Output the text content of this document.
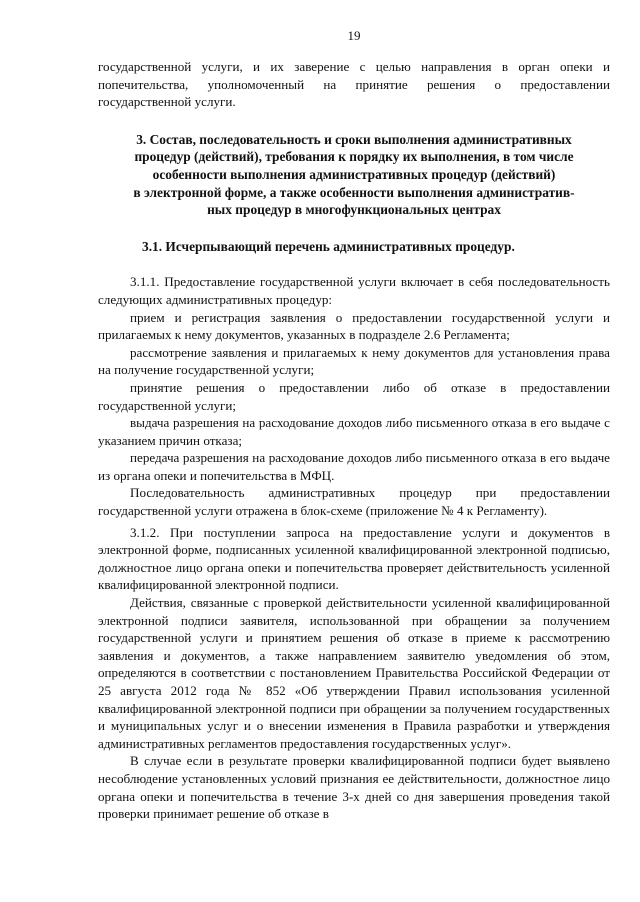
19

государственной услуги, и их заверение с целью направления в орган опеки и попечительства, уполномоченный на принятие решения о предоставлении государственной услуги.

3. Состав, последовательность и сроки выполнения административных
процедур (действий), требования к порядку их выполнения, в том числе
особенности выполнения административных процедур (действий)
в электронной форме, а также особенности выполнения административ-
ных процедур в многофункциональных центрах
3.1. Исчерпывающий перечень административных процедур.

3.1.1. Предоставление государственной услуги включает в себя последовательность следующих административных процедур:

прием и регистрация заявления о предоставлении государственной услуги и прилагаемых к нему документов, указанных в подразделе 2.6 Регламента;

рассмотрение заявления и прилагаемых к нему документов для установления права на получение государственной услуги;

принятие решения о предоставлении либо об отказе в предоставлении государственной услуги;

выдача разрешения на расходование доходов либо письменного отказа в его выдаче с указанием причин отказа;

передача разрешения на расходование доходов либо письменного отказа в его выдаче из органа опеки и попечительства в МФЦ.

Последовательность административных процедур при предоставлении государственной услуги отражена в блок-схеме (приложение № 4 к Регламенту).

3.1.2. При поступлении запроса на предоставление услуги и документов в электронной форме, подписанных усиленной квалифицированной электронной подписью, должностное лицо органа опеки и попечительства проверяет действительность усиленной квалифицированной электронной подписи.

Действия, связанные с проверкой действительности усиленной квалифицированной электронной подписи заявителя, использованной при обращении за получением государственной услуги и принятием решения об отказе в приеме к рассмотрению заявления и документов, а также направлением заявителю уведомления об этом, определяются в соответствии с постановлением Правительства Российской Федерации от 25 августа 2012 года № 852 «Об утверждении Правил использования усиленной квалифицированной электронной подписи при обращении за получением государственных и муниципальных услуг и о внесении изменения в Правила разработки и утверждения административных регламентов предоставления государственных услуг».

В случае если в результате проверки квалифицированной подписи будет выявлено несоблюдение установленных условий признания ее действительности, должностное лицо органа опеки и попечительства в течение 3-х дней со дня завершения проведения такой проверки принимает решение об отказе в
